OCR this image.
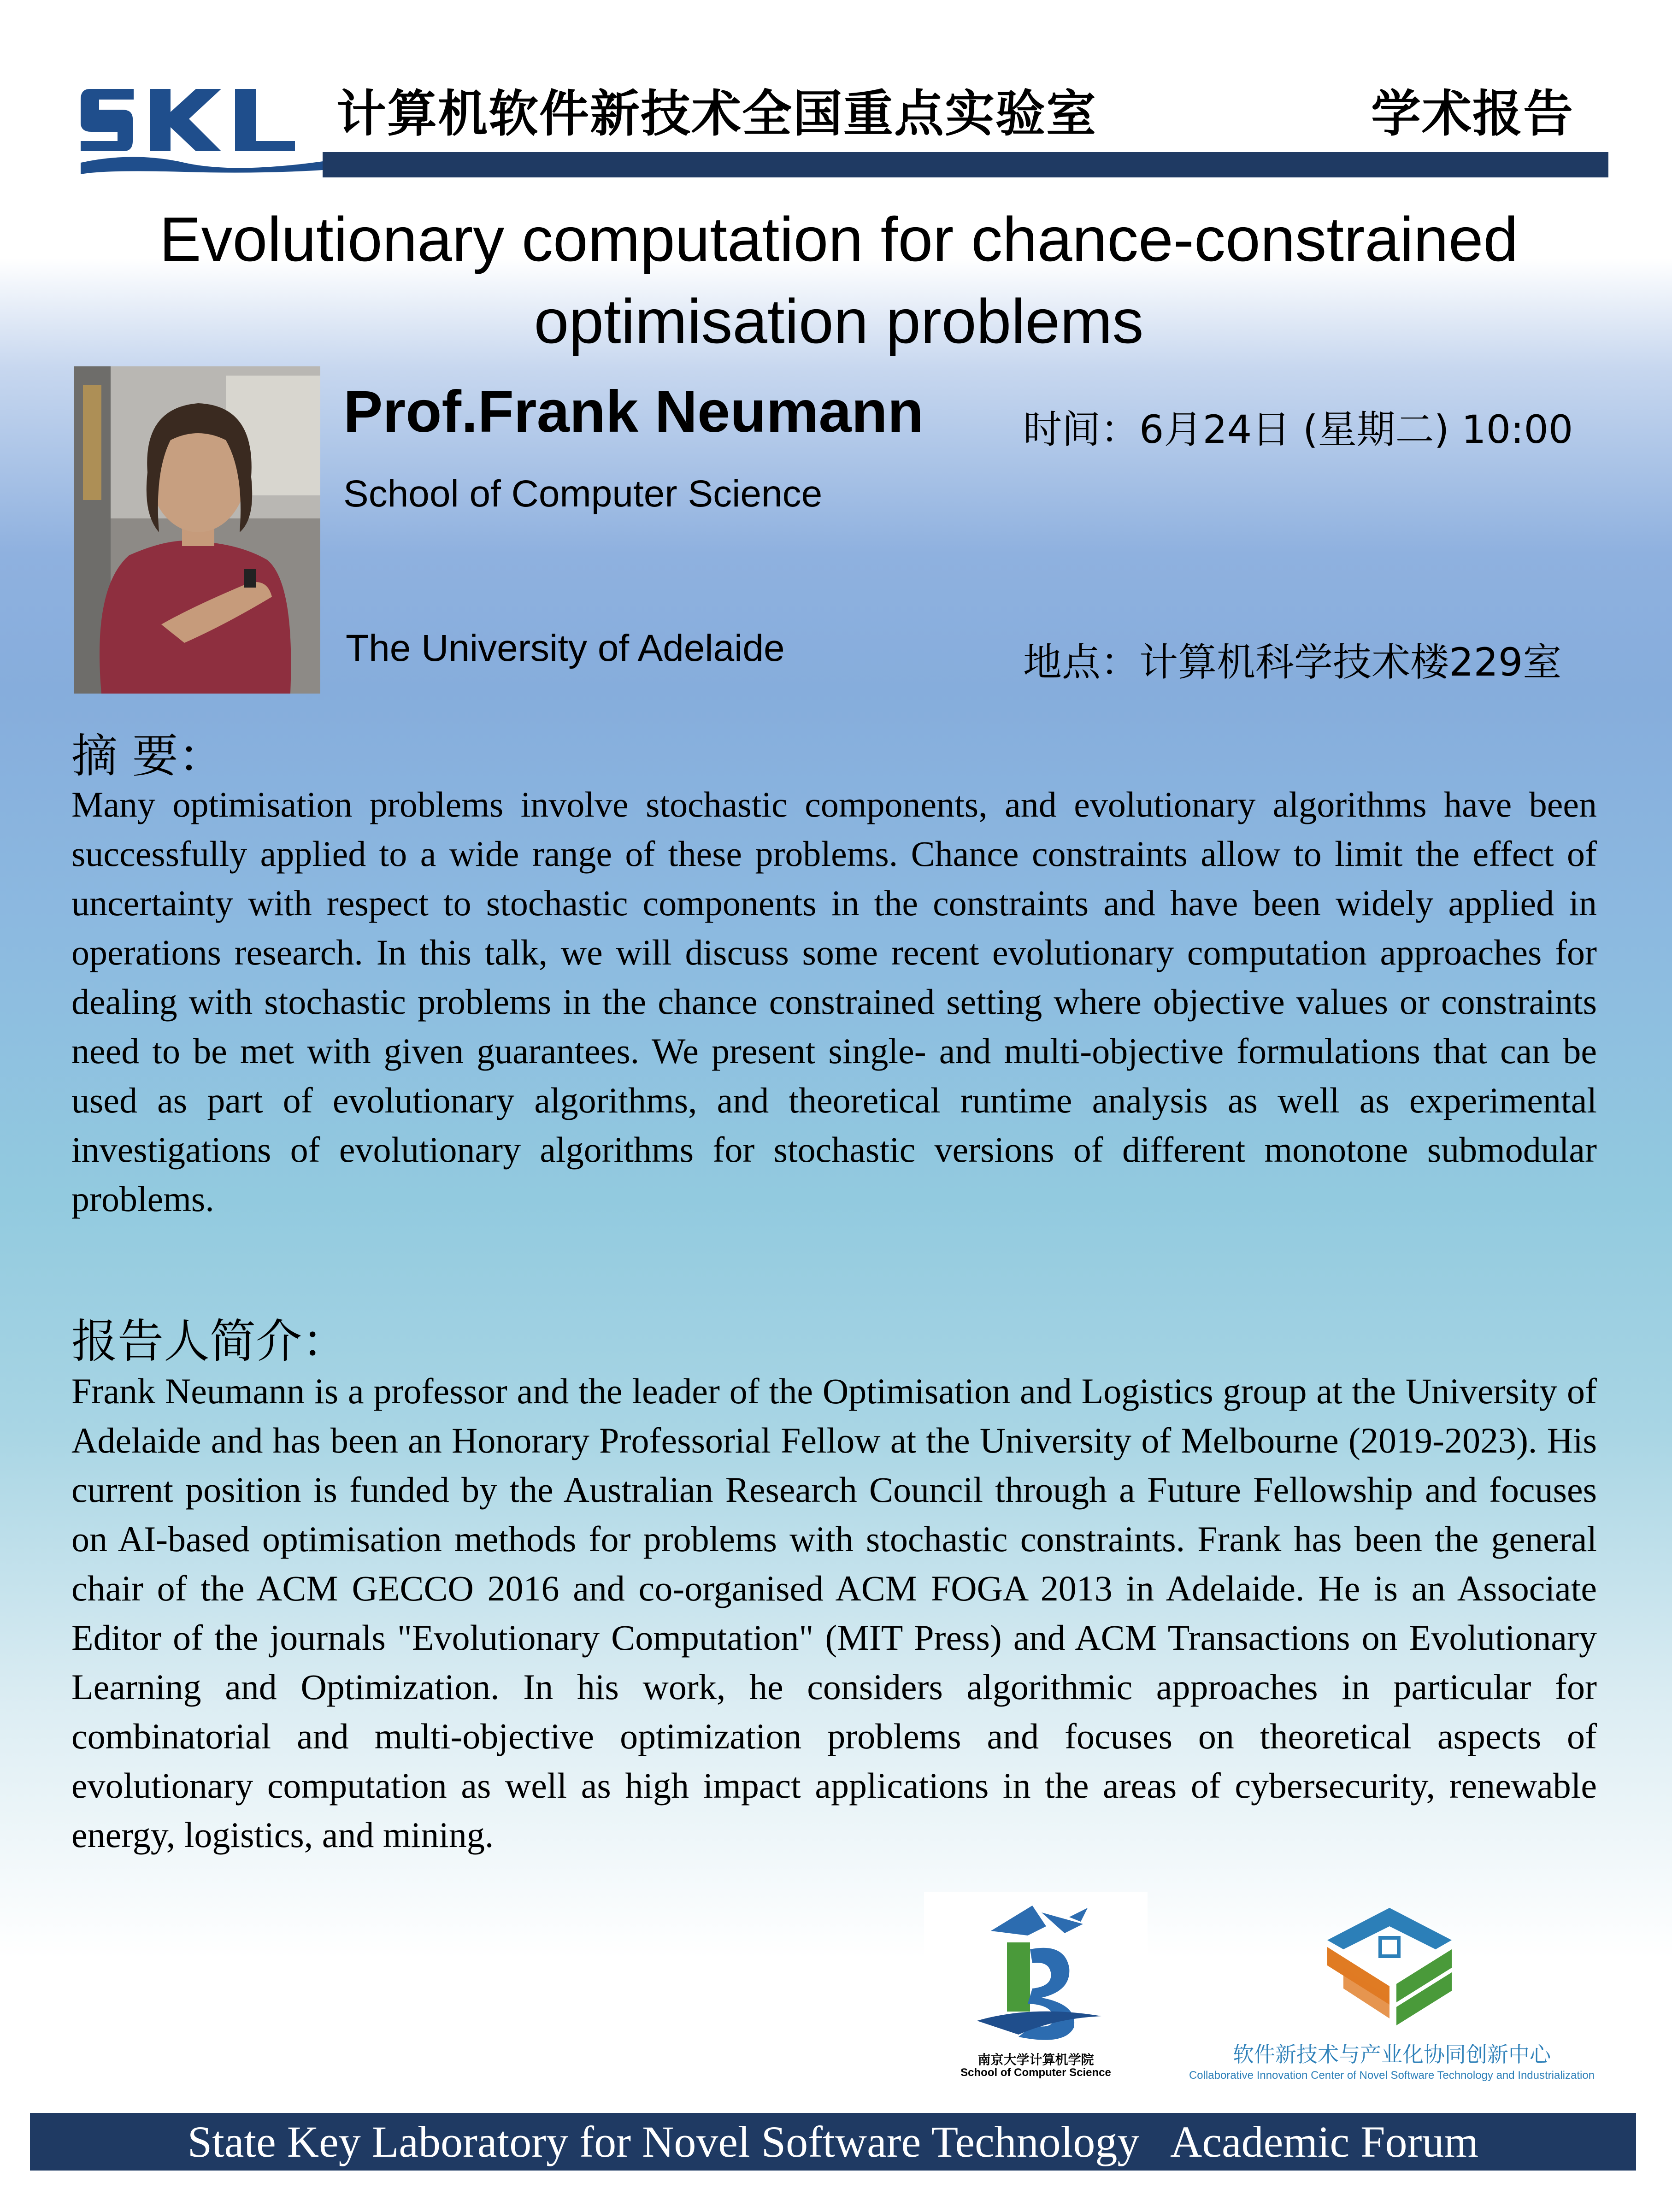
计算机软件新技术全国重点实验室	学术报告
Evolutionary computation for chance-constrained optimisation problems
Prof.Frank Neumann
School of Computer Science
The University of Adelaide
时间：6月24日 (星期二) 10:00
地点：计算机科学技术楼229室
摘 要：
Many optimisation problems involve stochastic components, and evolutionary algorithms have been successfully applied to a wide range of these problems. Chance constraints allow to limit the effect of uncertainty with respect to stochastic components in the constraints and have been widely applied in operations research. In this talk, we will discuss some recent evolutionary computation approaches for dealing with stochastic problems in the chance constrained setting where objective values or constraints need to be met with given guarantees. We present single- and multi-objective formulations that can be used as part of evolutionary algorithms, and theoretical runtime analysis as well as experimental investigations of evolutionary algorithms for stochastic versions of different monotone submodular problems.
报告人简介：
Frank Neumann is a professor and the leader of the Optimisation and Logistics group at the University of Adelaide and has been an Honorary Professorial Fellow at the University of Melbourne (2019-2023). His current position is funded by the Australian Research Council through a Future Fellowship and focuses on AI-based optimisation methods for problems with stochastic constraints. Frank has been the general chair of the ACM GECCO 2016 and co-organised ACM FOGA 2013 in Adelaide. He is an Associate Editor of the journals "Evolutionary Computation" (MIT Press) and ACM Transactions on Evolutionary Learning and Optimization. In his work, he considers algorithmic approaches in particular for combinatorial and multi-objective optimization problems and focuses on theoretical aspects of evolutionary computation as well as high impact applications in the areas of cybersecurity, renewable energy, logistics, and mining.
南京大学计算机学院
School of Computer Science
软件新技术与产业化协同创新中心
Collaborative Innovation Center of Novel Software Technology and Industrialization
State Key Laboratory for Novel Software Technology   Academic Forum
